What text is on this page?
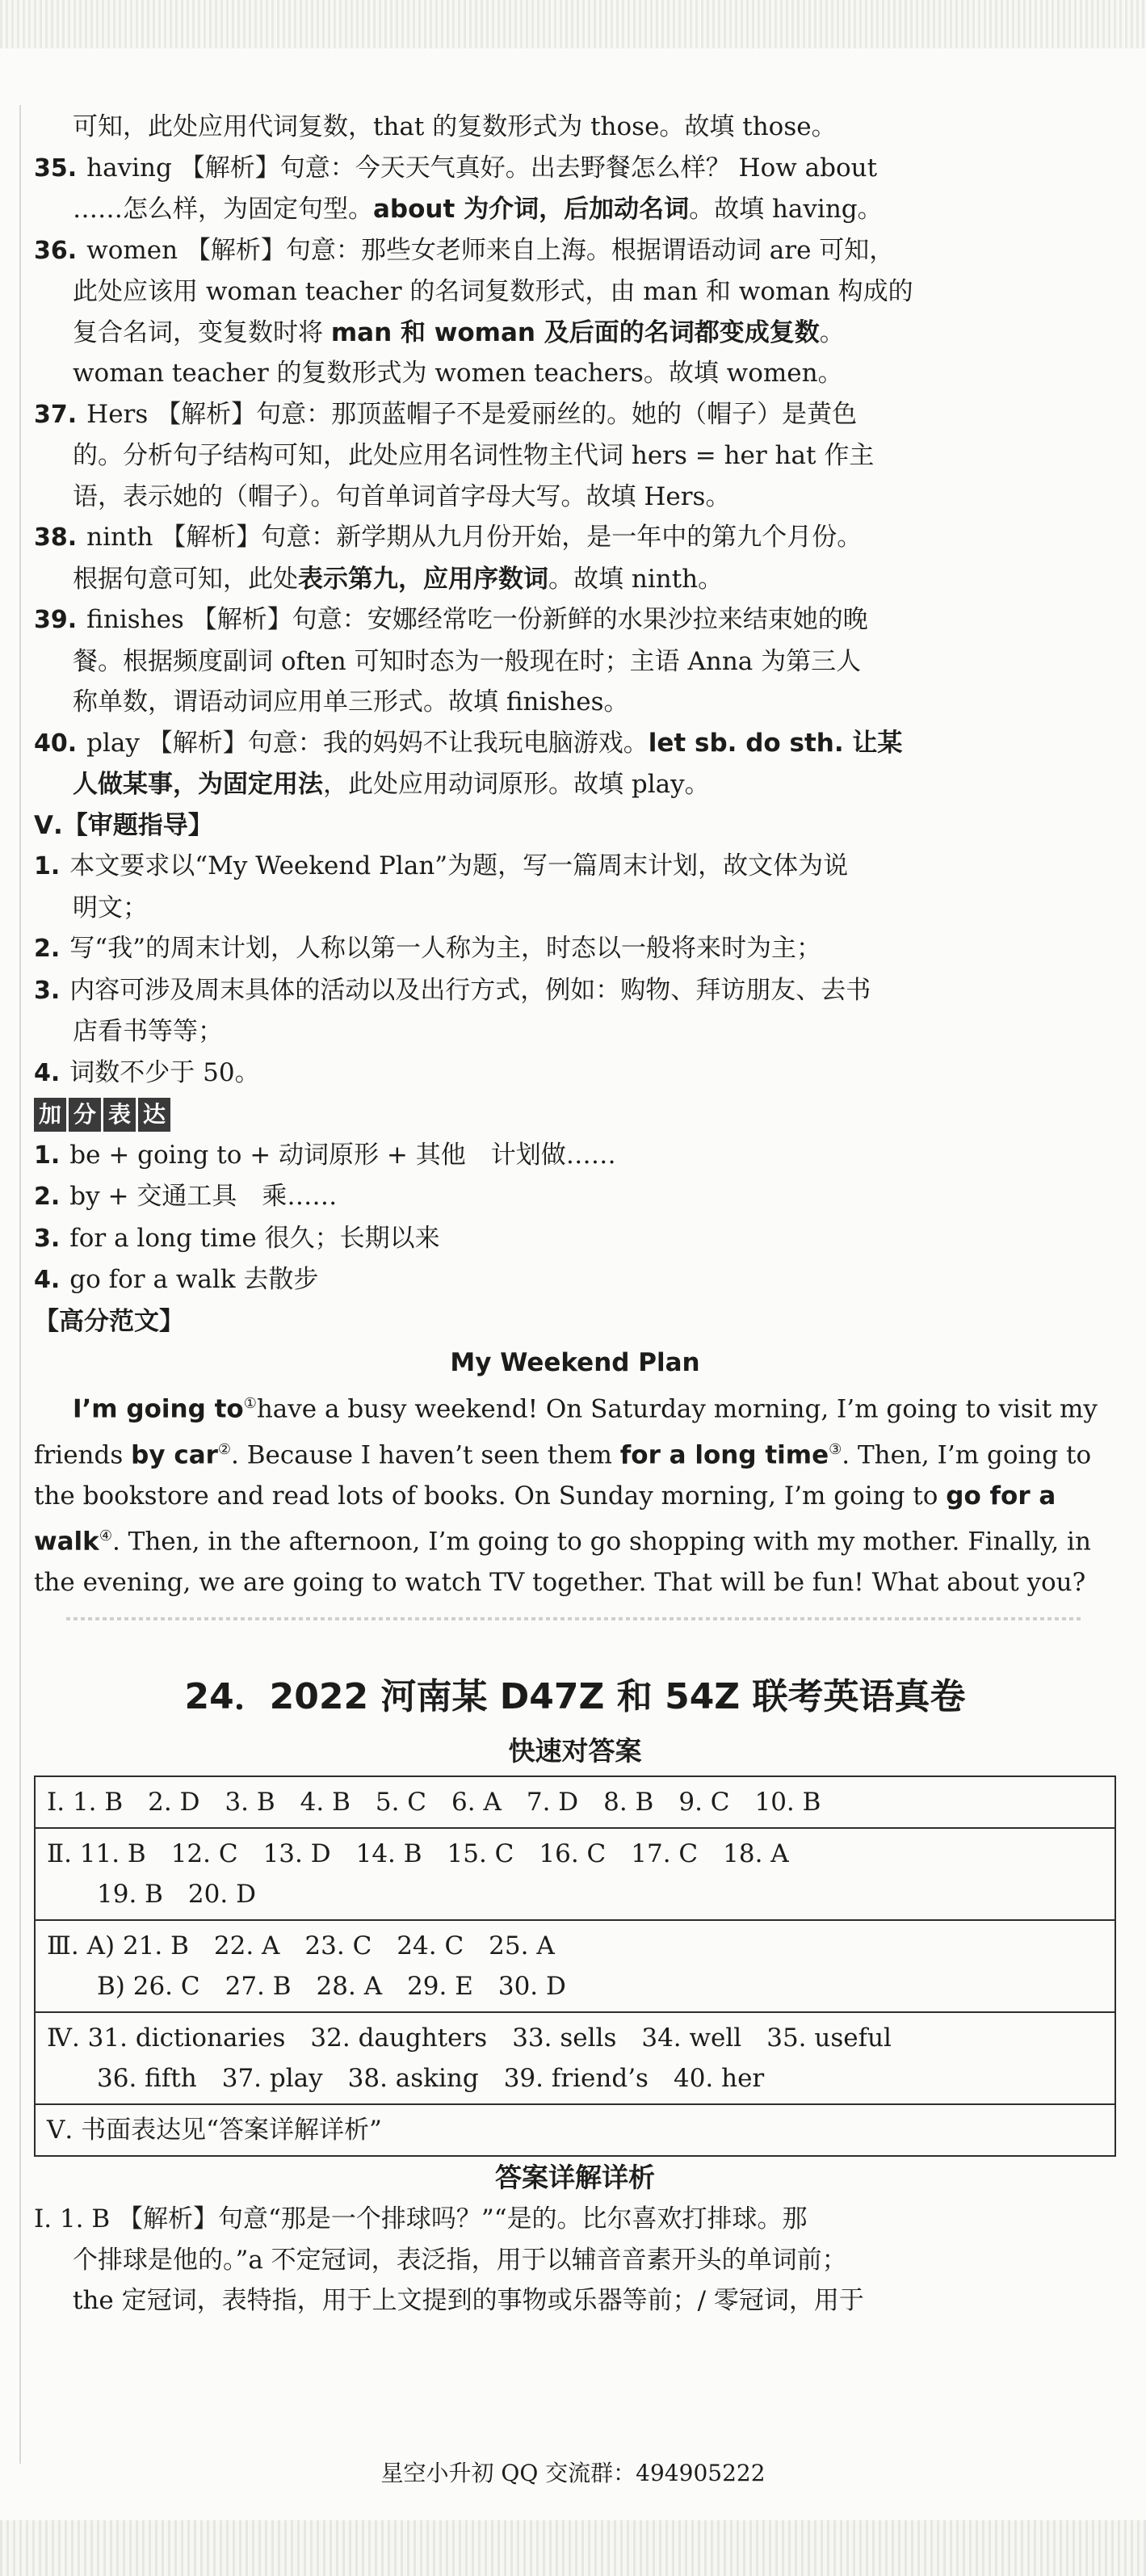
可知，此处应用代词复数，that 的复数形式为 those。故填 those。
35. having 【解析】句意：今天天气真好。出去野餐怎么样？ How about
……怎么样，为固定句型。about 为介词，后加动名词。故填 having。
36. women 【解析】句意：那些女老师来自上海。根据谓语动词 are 可知，
此处应该用 woman teacher 的名词复数形式，由 man 和 woman 构成的
复合名词，变复数时将 man 和 woman 及后面的名词都变成复数。
woman teacher 的复数形式为 women teachers。故填 women。
37. Hers 【解析】句意：那顶蓝帽子不是爱丽丝的。她的（帽子）是黄色
的。分析句子结构可知，此处应用名词性物主代词 hers = her hat 作主
语，表示她的（帽子）。句首单词首字母大写。故填 Hers。
38. ninth 【解析】句意：新学期从九月份开始，是一年中的第九个月份。
根据句意可知，此处表示第九，应用序数词。故填 ninth。
39. finishes 【解析】句意：安娜经常吃一份新鲜的水果沙拉来结束她的晚
餐。根据频度副词 often 可知时态为一般现在时；主语 Anna 为第三人
称单数，谓语动词应用单三形式。故填 finishes。
40. play 【解析】句意：我的妈妈不让我玩电脑游戏。let sb. do sth. 让某
人做某事，为固定用法，此处应用动词原形。故填 play。
Ⅴ.【审题指导】
1. 本文要求以“My Weekend Plan”为题，写一篇周末计划，故文体为说
明文；
2. 写“我”的周末计划，人称以第一人称为主，时态以一般将来时为主；
3. 内容可涉及周末具体的活动以及出行方式，例如：购物、拜访朋友、去书
店看书等等；
4. 词数不少于 50。
加 分 表 达
1. be + going to + 动词原形 + 其他　计划做……
2. by + 交通工具　乘……
3. for a long time 很久；长期以来
4. go for a walk 去散步
【高分范文】
My Weekend Plan
I’m going to①have a busy weekend! On Saturday morning, I’m going to visit my friends by car②. Because I haven’t seen them for a long time③. Then, I’m going to the bookstore and read lots of books. On Sunday morning, I’m going to go for a walk④. Then, in the afternoon, I’m going to go shopping with my mother. Finally, in the evening, we are going to watch TV together. That will be fun! What about you?
24．2022 河南某 D47Z 和 54Z 联考英语真卷
快速对答案
Ⅰ. 1. B　2. D　3. B　4. B　5. C　6. A　7. D　8. B　9. C　10. B
Ⅱ. 11. B　12. C　13. D　14. B　15. C　16. C　17. C　18. A
　　19. B　20. D
Ⅲ. A) 21. B　22. A　23. C　24. C　25. A
　　B) 26. C　27. B　28. A　29. E　30. D
Ⅳ. 31. dictionaries　32. daughters　33. sells　34. well　35. useful
　　36. fifth　37. play　38. asking　39. friend’s　40. her
Ⅴ. 书面表达见“答案详解详析”
答案详解详析
Ⅰ. 1. B 【解析】句意“那是一个排球吗？”“是的。比尔喜欢打排球。那
个排球是他的。”a 不定冠词，表泛指，用于以辅音音素开头的单词前；
the 定冠词，表特指，用于上文提到的事物或乐器等前；/ 零冠词，用于
星空小升初 QQ 交流群：494905222
